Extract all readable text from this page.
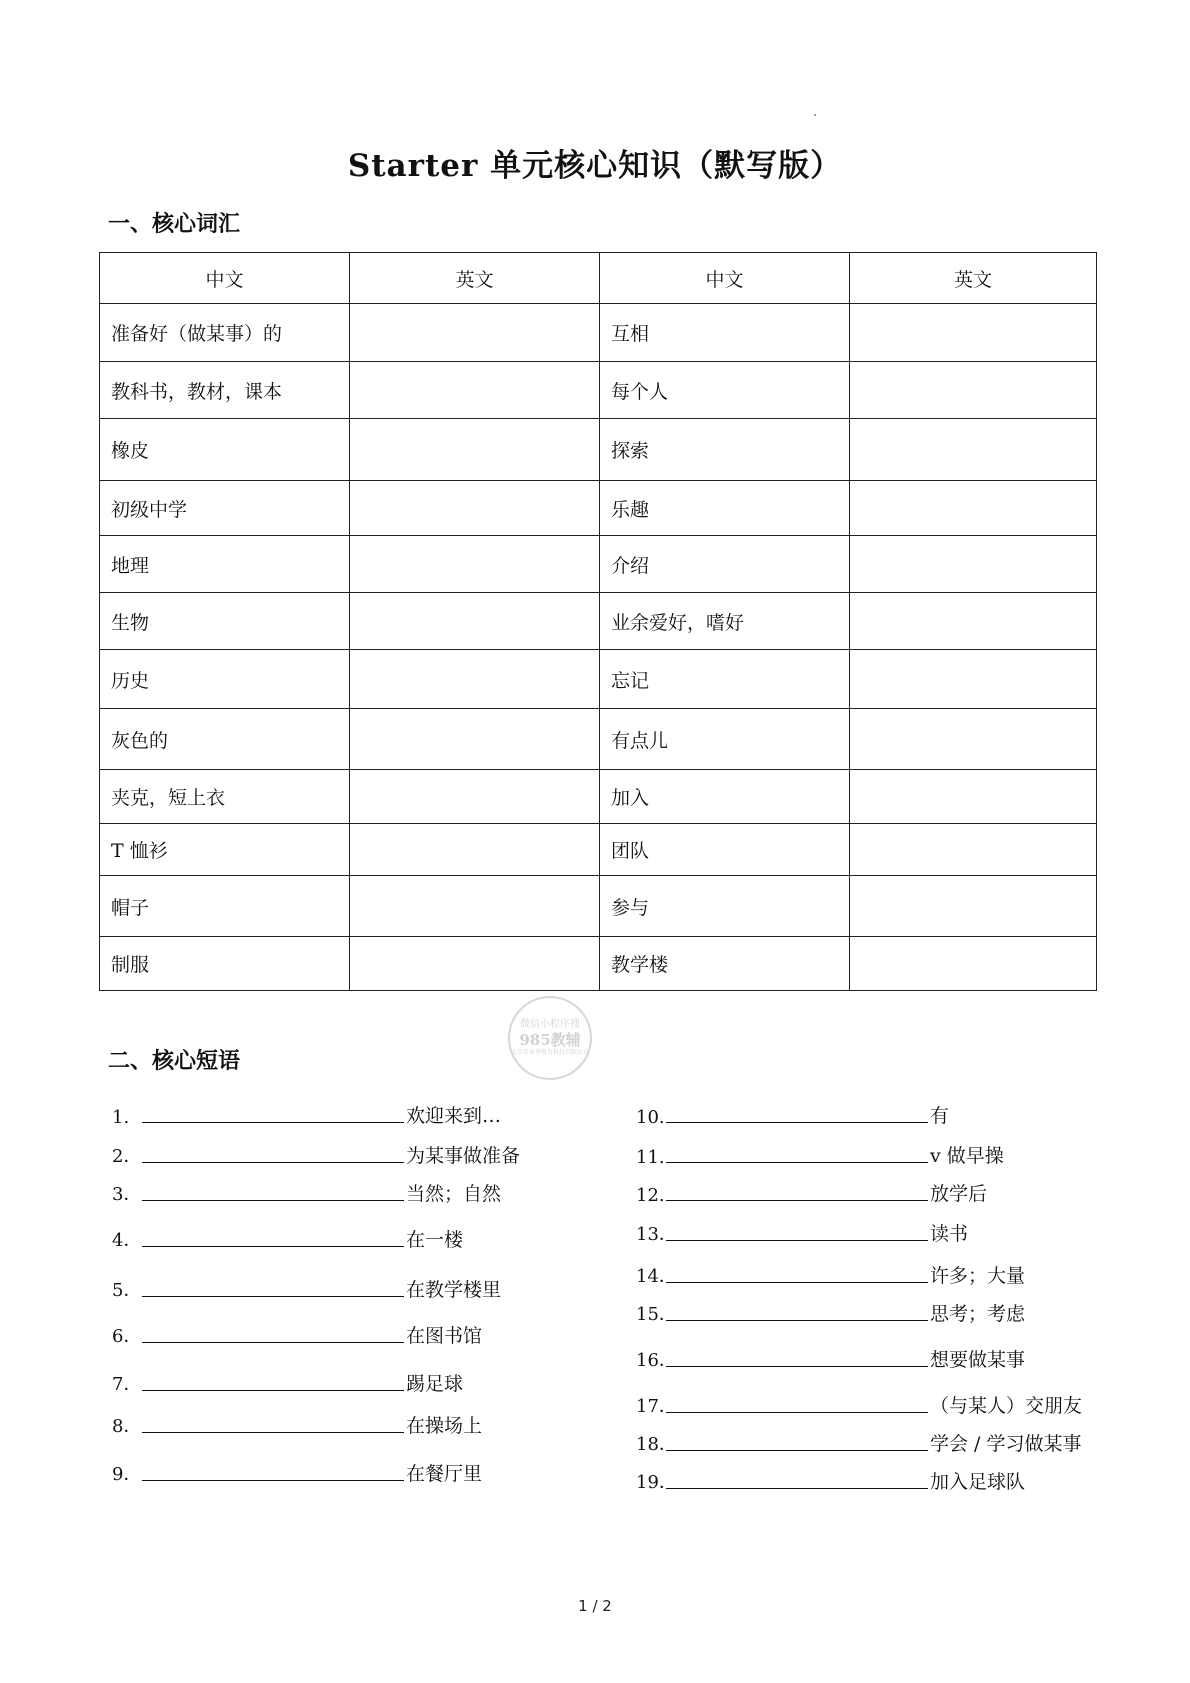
Starter 单元核心知识（默写版）
一、核心词汇
中文	英文	中文	英文
准备好（做某事）的		互相	
教科书，教材，课本		每个人	
橡皮		探索	
初级中学		乐趣	
地理		介绍	
生物		业余爱好，嗜好	
历史		忘记	
灰色的		有点儿	
夹克，短上衣		加入	
T 恤衫		团队	
帽子		参与	
制服		教学楼	
二、核心短语
微信小程序搜
985教辅
北京安泰华教育科技有限公司
1.	欢迎来到…
2．	为某事做准备
3．	当然；自然
4．	在一楼
5．	在教学楼里
6．	在图书馆
7．	踢足球
8．	在操场上
9．	在餐厅里
10.	有
11.	v 做早操
12.	放学后
13．	读书
14．	许多；大量
15．	思考；考虑
16．	想要做某事
17．	（与某人）交朋友
18．	学会 / 学习做某事
19．	加入足球队
1 / 2
